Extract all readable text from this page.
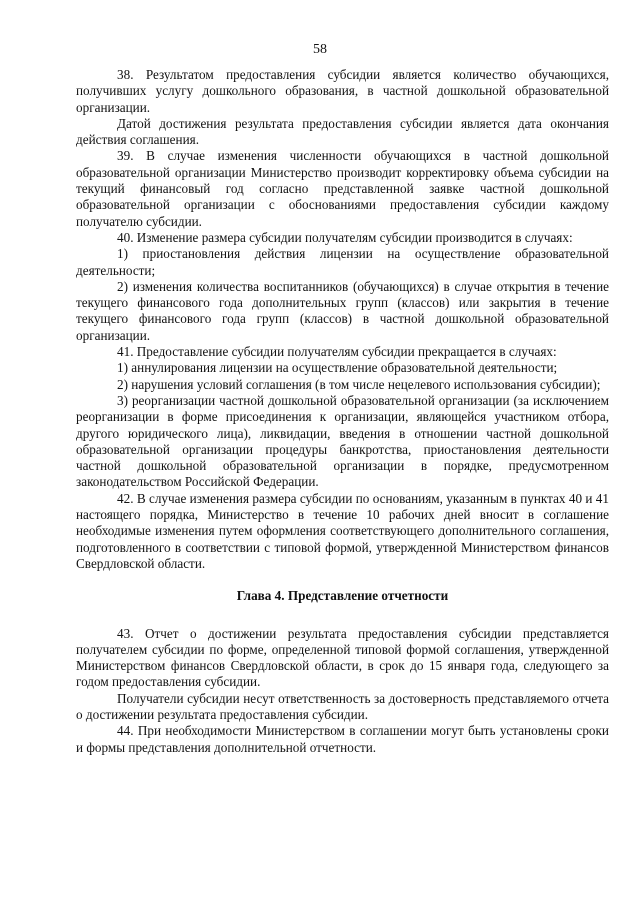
58

38. Результатом предоставления субсидии является количество обучающихся, получивших услугу дошкольного образования, в частной дошкольной образовательной организации.

Датой достижения результата предоставления субсидии является дата окончания действия соглашения.

39. В случае изменения численности обучающихся в частной дошкольной образовательной организации Министерство производит корректировку объема субсидии на текущий финансовый год согласно представленной заявке частной дошкольной образовательной организации с обоснованиями предоставления субсидии каждому получателю субсидии.

40. Изменение размера субсидии получателям субсидии производится в случаях:

1) приостановления действия лицензии на осуществление образовательной деятельности;

2) изменения количества воспитанников (обучающихся) в случае открытия в течение текущего финансового года дополнительных групп (классов) или закрытия в течение текущего финансового года групп (классов) в частной дошкольной образовательной организации.

41. Предоставление субсидии получателям субсидии прекращается в случаях:

1) аннулирования лицензии на осуществление образовательной деятельности;

2) нарушения условий соглашения (в том числе нецелевого использования субсидии);

3) реорганизации частной дошкольной образовательной организации (за исключением реорганизации в форме присоединения к организации, являющейся участником отбора, другого юридического лица), ликвидации, введения в отношении частной дошкольной образовательной организации процедуры банкротства, приостановления деятельности частной дошкольной образовательной организации в порядке, предусмотренном законодательством Российской Федерации.

42. В случае изменения размера субсидии по основаниям, указанным в пунктах 40 и 41 настоящего порядка, Министерство в течение 10 рабочих дней вносит в соглашение необходимые изменения путем оформления соответствующего дополнительного соглашения, подготовленного в соответствии с типовой формой, утвержденной Министерством финансов Свердловской области.

Глава 4. Представление отчетности

43. Отчет о достижении результата предоставления субсидии представляется получателем субсидии по форме, определенной типовой формой соглашения, утвержденной Министерством финансов Свердловской области, в срок до 15 января года, следующего за годом предоставления субсидии.

Получатели субсидии несут ответственность за достоверность представляемого отчета о достижении результата предоставления субсидии.

44. При необходимости Министерством в соглашении могут быть установлены сроки и формы представления дополнительной отчетности.
